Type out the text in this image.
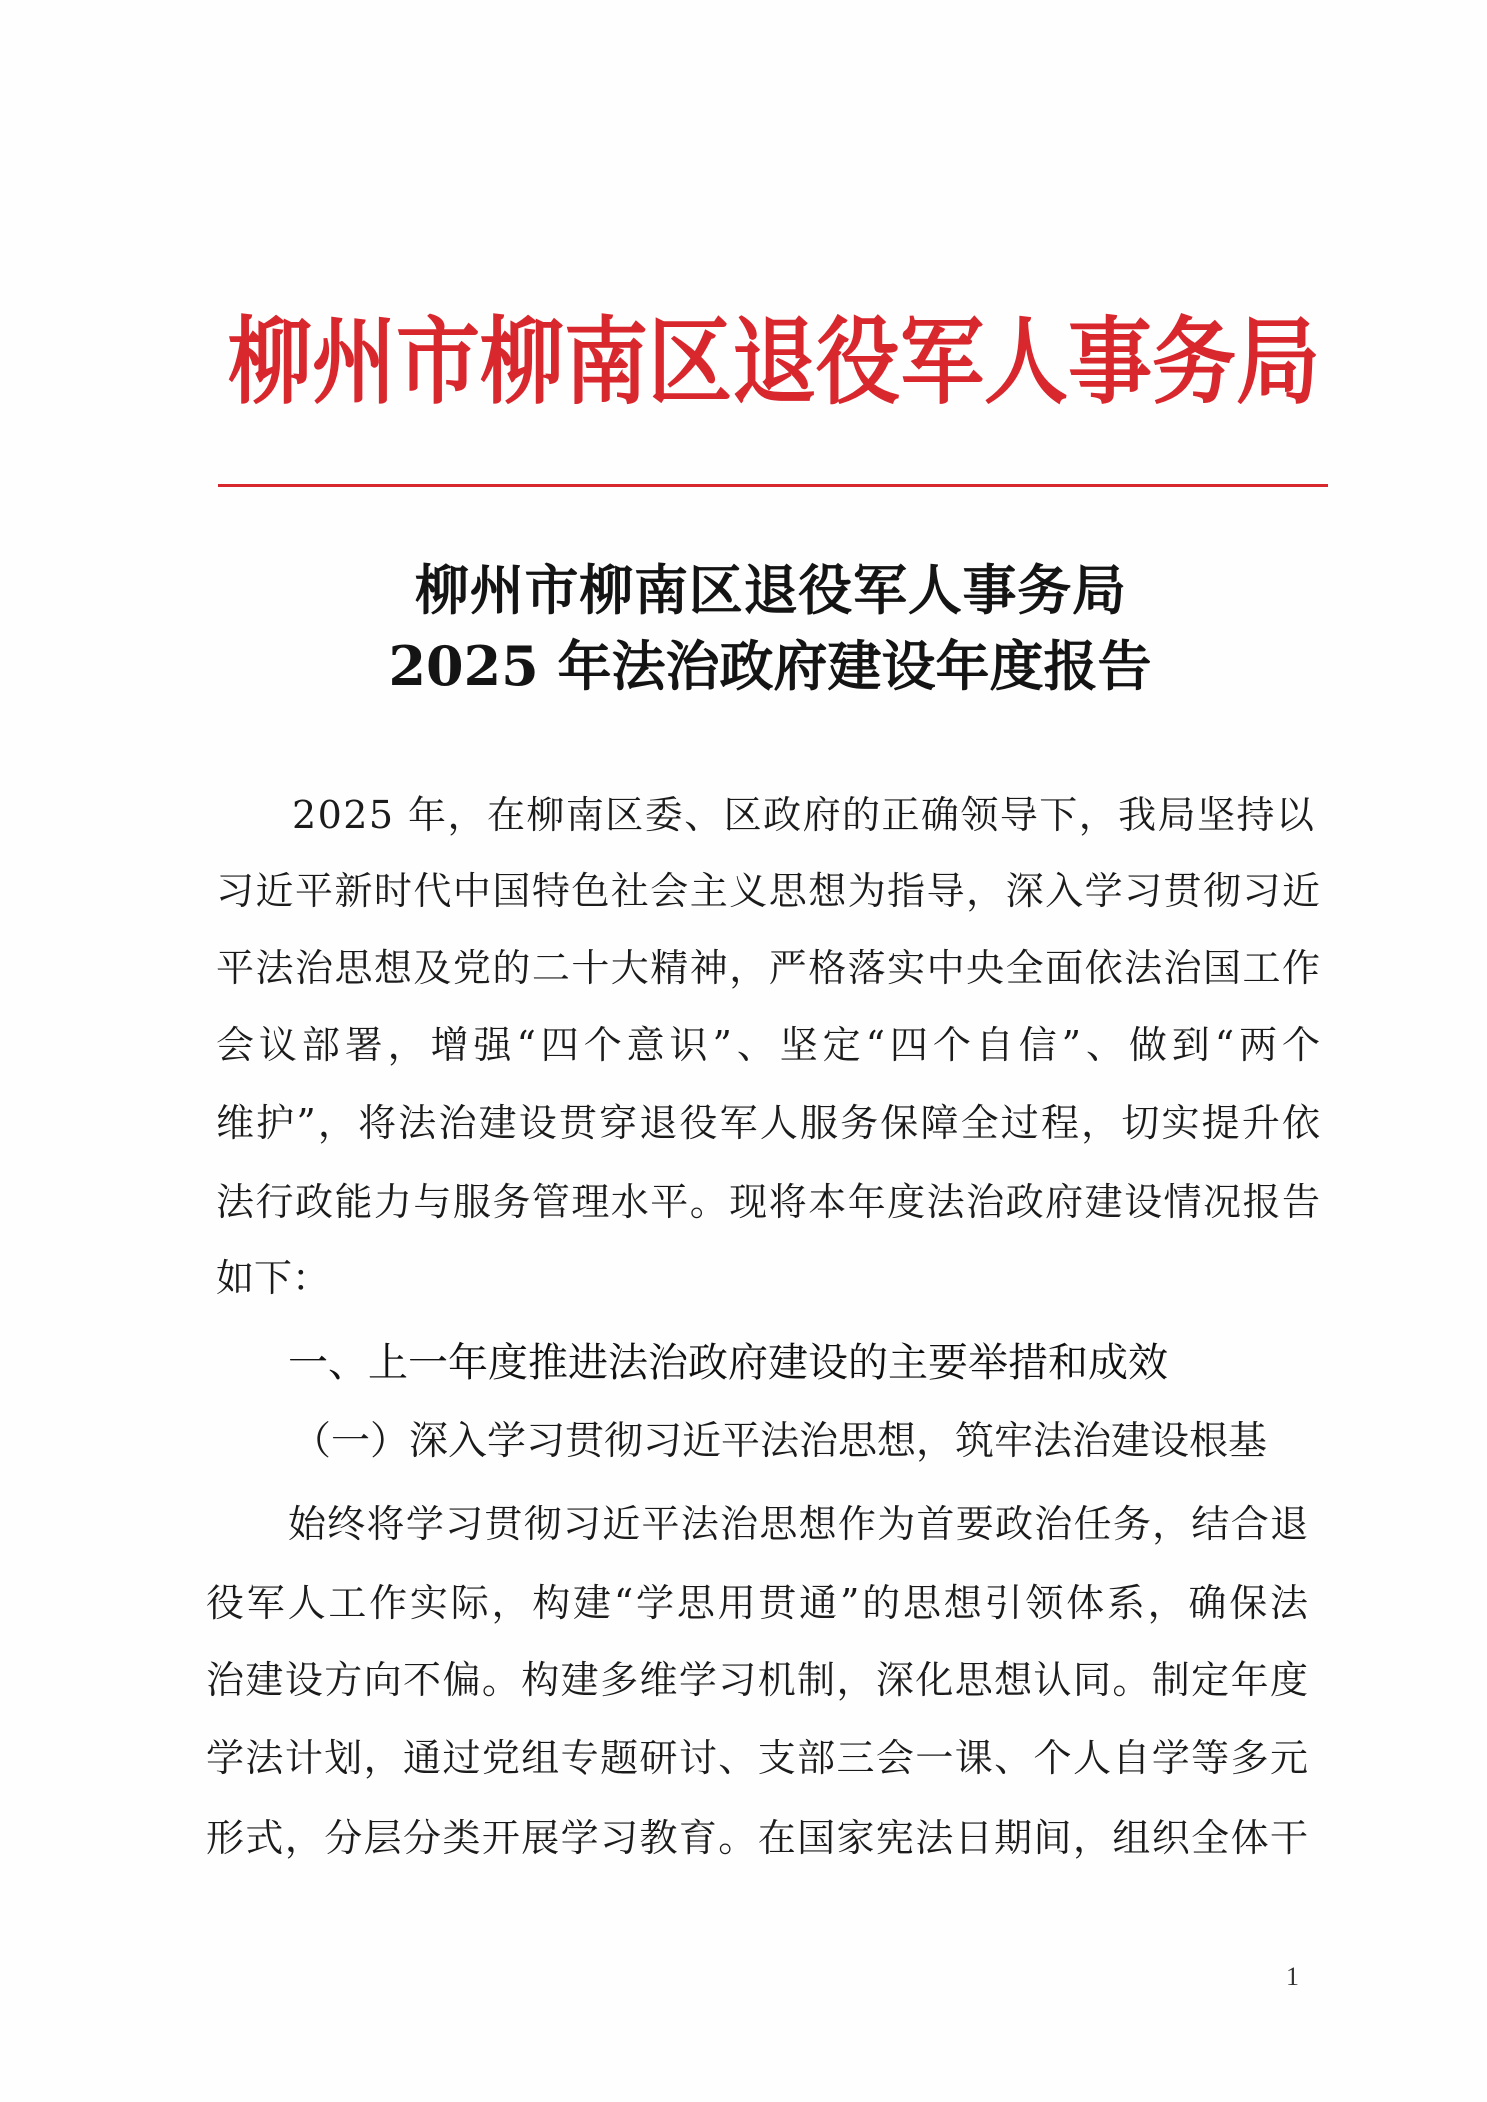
柳州市柳南区退役军人事务局
柳州市柳南区退役军人事务局
2025 年法治政府建设年度报告
2025 年，在柳南区委、区政府的正确领导下，我局坚持以
习近平新时代中国特色社会主义思想为指导，深入学习贯彻习近
平法治思想及党的二十大精神，严格落实中央全面依法治国工作
会议部署，增强“四个意识”、坚定“四个自信”、做到“两个
维护”，将法治建设贯穿退役军人服务保障全过程，切实提升依
法行政能力与服务管理水平。现将本年度法治政府建设情况报告
如下：
一、上一年度推进法治政府建设的主要举措和成效
（一）深入学习贯彻习近平法治思想，筑牢法治建设根基
始终将学习贯彻习近平法治思想作为首要政治任务，结合退
役军人工作实际，构建“学思用贯通”的思想引领体系，确保法
治建设方向不偏。构建多维学习机制，深化思想认同。制定年度
学法计划，通过党组专题研讨、支部三会一课、个人自学等多元
形式，分层分类开展学习教育。在国家宪法日期间，组织全体干
1
